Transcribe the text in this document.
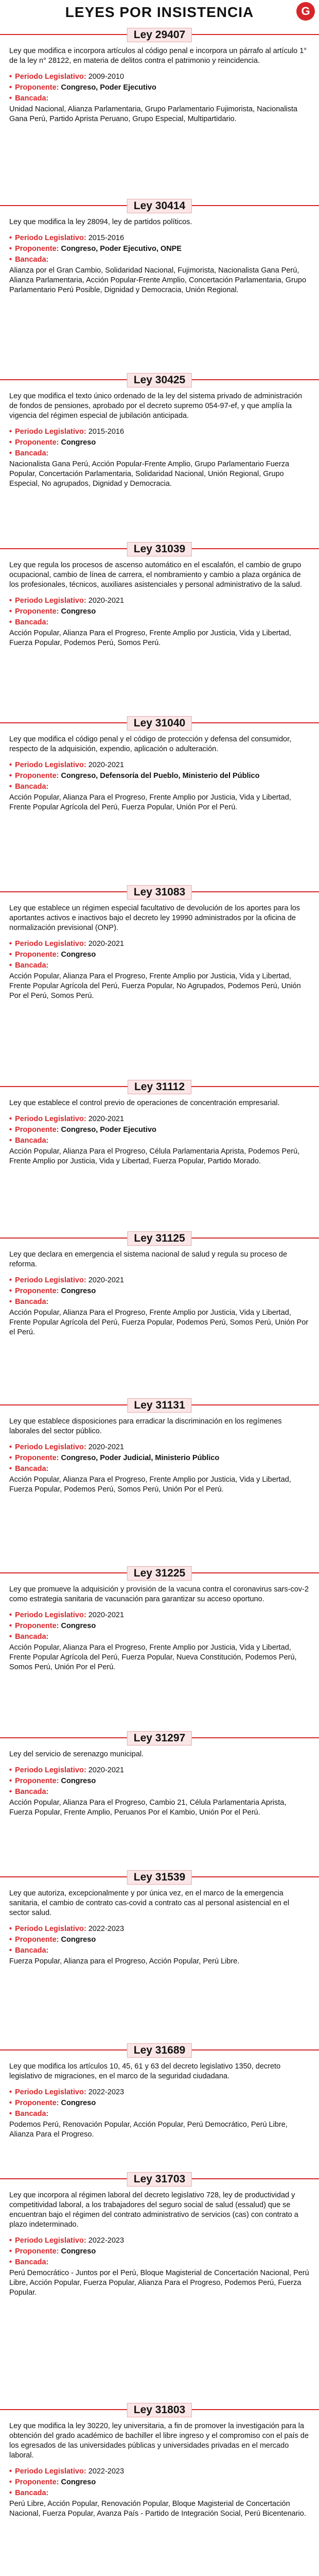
LEYES POR INSISTENCIA	G
Ley 29407

Ley que modifica e incorpora artículos al código penal e incorpora un párrafo al artículo 1° de la ley n° 28122, en materia de delitos contra el patrimonio y reincidencia.

• Periodo Legislativo: 2009-2010

• Proponente: Congreso, Poder Ejecutivo

• Bancada:

Unidad Nacional, Alianza Parlamentaria, Grupo Parlamentario Fujimorista, Nacionalista Gana Perú, Partido Aprista Peruano, Grupo Especial, Multipartidario.

Ley 30414

Ley que modifica la ley 28094, ley de partidos políticos.

• Periodo Legislativo: 2015-2016

• Proponente: Congreso, Poder Ejecutivo, ONPE

• Bancada:

Alianza por el Gran Cambio, Solidaridad Nacional, Fujimorista, Nacionalista Gana Perú, Alianza Parlamentaria, Acción Popular-Frente Amplio, Concertación Parlamentaria, Grupo Parlamentario Perú Posible, Dignidad y Democracia, Unión Regional.

Ley 30425

Ley que modifica el texto único ordenado de la ley del sistema privado de administración de fondos de pensiones, aprobado por el decreto supremo 054-97-ef, y que amplía la vigencia del régimen especial de jubilación anticipada.

• Periodo Legislativo: 2015-2016

• Proponente: Congreso

• Bancada:

Nacionalista Gana Perú, Acción Popular-Frente Amplio, Grupo Parlamentario Fuerza Popular, Concertación Parlamentaria, Solidaridad Nacional, Unión Regional, Grupo Especial, No agrupados, Dignidad y Democracia.

Ley 31039

Ley que regula los procesos de ascenso automático en el escalafón, el cambio de grupo ocupacional, cambio de línea de carrera, el nombramiento y cambio a plaza orgánica de los profesionales, técnicos, auxiliares asistenciales y personal administrativo de la salud.

• Periodo Legislativo: 2020-2021

• Proponente: Congreso

• Bancada:

Acción Popular, Alianza Para el Progreso, Frente Amplio por Justicia, Vida y Libertad, Fuerza Popular, Podemos Perú, Somos Perú.

Ley 31040

Ley que modifica el código penal y el código de protección y defensa del consumidor, respecto de la adquisición, expendio, aplicación o adulteración.

• Periodo Legislativo: 2020-2021

• Proponente: Congreso, Defensoría del Pueblo, Ministerio del Público

• Bancada:

Acción Popular, Alianza Para el Progreso, Frente Amplio por Justicia, Vida y Libertad, Frente Popular Agrícola del Perú, Fuerza Popular, Unión Por el Perú.

Ley 31083

Ley que establece un régimen especial facultativo de devolución de los aportes para los aportantes activos e inactivos bajo el decreto ley 19990 administrados por la oficina de normalización previsional (ONP).

• Periodo Legislativo: 2020-2021

• Proponente: Congreso

• Bancada:

Acción Popular, Alianza Para el Progreso, Frente Amplio por Justicia, Vida y Libertad, Frente Popular Agrícola del Perú, Fuerza Popular, No Agrupados, Podemos Perú, Unión Por el Perú, Somos Perú.

Ley 31112

Ley que establece el control previo de operaciones de concentración empresarial.

• Periodo Legislativo: 2020-2021

• Proponente: Congreso, Poder Ejecutivo

• Bancada:

Acción Popular, Alianza Para el Progreso, Célula Parlamentaria Aprista, Podemos Perú, Frente Amplio por Justicia, Vida y Libertad, Fuerza Popular, Partido Morado.

Ley 31125

Ley que declara en emergencia el sistema nacional de salud y regula su proceso de reforma.

• Periodo Legislativo: 2020-2021

• Proponente: Congreso

• Bancada:

Acción Popular, Alianza Para el Progreso, Frente Amplio por Justicia, Vida y Libertad, Frente Popular Agrícola del Perú, Fuerza Popular, Podemos Perú, Somos Perú, Unión Por el Perú.

Ley 31131

Ley que establece disposiciones para erradicar la discriminación en los regímenes laborales del sector público.

• Periodo Legislativo: 2020-2021

• Proponente: Congreso, Poder Judicial, Ministerio Público

• Bancada:

Acción Popular, Alianza Para el Progreso, Frente Amplio por Justicia, Vida y Libertad, Fuerza Popular, Podemos Perú, Somos Perú, Unión Por el Perú.

Ley 31225

Ley que promueve la adquisición y provisión de la vacuna contra el coronavirus sars-cov-2 como estrategia sanitaria de vacunación para garantizar su acceso oportuno.

• Periodo Legislativo: 2020-2021

• Proponente: Congreso

• Bancada:

Acción Popular, Alianza Para el Progreso, Frente Amplio por Justicia, Vida y Libertad, Frente Popular Agrícola del Perú, Fuerza Popular, Nueva Constitución, Podemos Perú, Somos Perú, Unión Por el Perú.

Ley 31297

Ley del servicio de serenazgo municipal.

• Periodo Legislativo: 2020-2021

• Proponente: Congreso

• Bancada:

Acción Popular, Alianza Para el Progreso, Cambio 21, Célula Parlamentaria Aprista, Fuerza Popular, Frente Amplio, Peruanos Por el Kambio, Unión Por el Perú.

Ley 31539

Ley que autoriza, excepcionalmente y por única vez, en el marco de la emergencia sanitaria, el cambio de contrato cas-covid a contrato cas al personal asistencial en el sector salud.

• Periodo Legislativo: 2022-2023

• Proponente: Congreso

• Bancada:

Fuerza Popular, Alianza para el Progreso, Acción Popular, Perú Libre.

Ley 31689

Ley que modifica los artículos 10, 45, 61 y 63 del decreto legislativo 1350, decreto legislativo de migraciones, en el marco de la seguridad ciudadana.

• Periodo Legislativo: 2022-2023

• Proponente: Congreso

• Bancada:

Podemos Perú, Renovación Popular, Acción Popular, Perú Democrático, Perú Libre, Alianza Para el Progreso.

Ley 31703

Ley que incorpora al régimen laboral del decreto legislativo 728, ley de productividad y competitividad laboral, a los trabajadores del seguro social de salud (essalud) que se encuentran bajo el régimen del contrato administrativo de servicios (cas) con contrato a plazo indeterminado.

• Periodo Legislativo: 2022-2023

• Proponente: Congreso

• Bancada:

Perú Democrático - Juntos por el Perú, Bloque Magisterial de Concertación Nacional, Perú Libre, Acción Popular, Fuerza Popular, Alianza Para el Progreso, Podemos Perú, Fuerza Popular.

Ley 31803

Ley que modifica la ley 30220, ley universitaria, a fin de promover la investigación para la obtención del grado académico de bachiller el libre ingreso y el compromiso con el país de los egresados de las universidades públicas y universidades privadas en el mercado laboral.

• Periodo Legislativo: 2022-2023

• Proponente: Congreso

• Bancada:

Perú Libre, Acción Popular, Renovación Popular, Bloque Magisterial de Concertación Nacional, Fuerza Popular, Avanza País - Partido de Integración Social, Perú Bicentenario.
